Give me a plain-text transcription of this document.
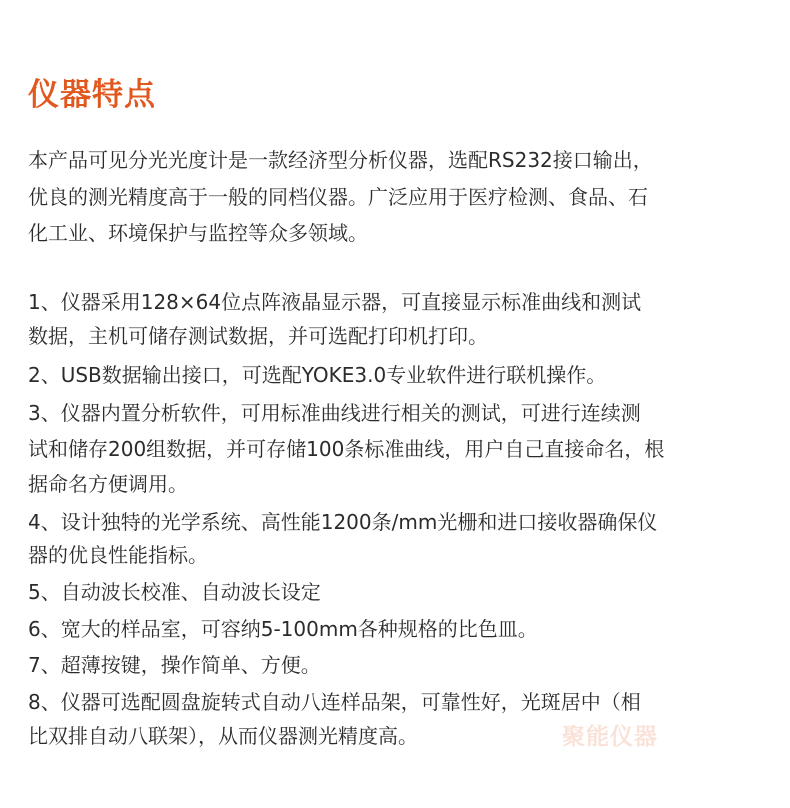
仪器特点
本产品可见分光光度计是一款经济型分析仪器，选配RS232接口输出，
优良的测光精度高于一般的同档仪器。广泛应用于医疗检测、食品、石
化工业、环境保护与监控等众多领域。
1、仪器采用128×64位点阵液晶显示器，可直接显示标准曲线和测试
数据，主机可储存测试数据，并可选配打印机打印。
2、USB数据输出接口，可选配YOKE3.0专业软件进行联机操作。
3、仪器内置分析软件，可用标准曲线进行相关的测试，可进行连续测
试和储存200组数据，并可存储100条标准曲线，用户自己直接命名，根
据命名方便调用。
4、设计独特的光学系统、高性能1200条/mm光栅和进口接收器确保仪
器的优良性能指标。
5、自动波长校准、自动波长设定
6、宽大的样品室，可容纳5-100mm各种规格的比色皿。
7、超薄按键，操作简单、方便。
8、仪器可选配圆盘旋转式自动八连样品架，可靠性好，光斑居中（相
比双排自动八联架），从而仪器测光精度高。	聚能仪器
